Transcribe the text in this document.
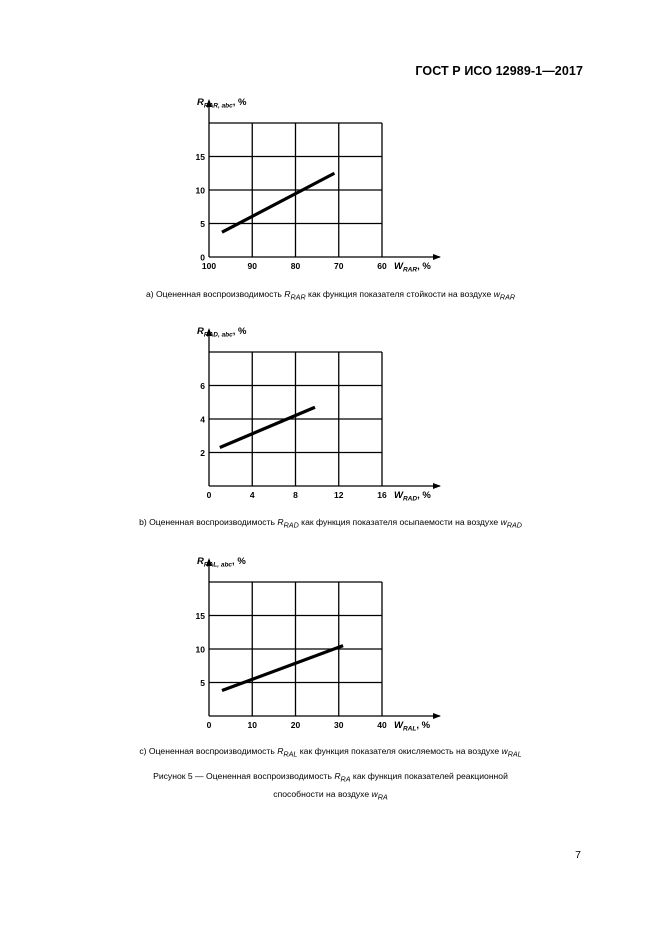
ГОСТ Р ИСО 12989-1—2017
100	90	80	70	60
0
5
10
15
$R_{RAR, abc}$, %
$W_{RAR}$, %
a) Оцененная воспроизводимость $R_{RAR}$ как функция показателя стойкости на воздухе $w_{RAR}$
0	4	8	12	16
2
4
6
$R_{RAD, abc}$, %
$W_{RAD}$, %
b) Оцененная воспроизводимость $R_{RAD}$ как функция показателя осыпаемости на воздухе $w_{RAD}$
0	10	20	30	40
5
10
15
$R_{RAL, abc}$, %
$W_{RAL}$, %
c) Оцененная воспроизводимость $R_{RAL}$ как функция показателя окисляемость на воздухе $w_{RAL}$
Рисунок 5 — Оцененная воспроизводимость $R_{RA}$ как функция показателей реакционной
способности на воздухе $w_{RA}$
7
